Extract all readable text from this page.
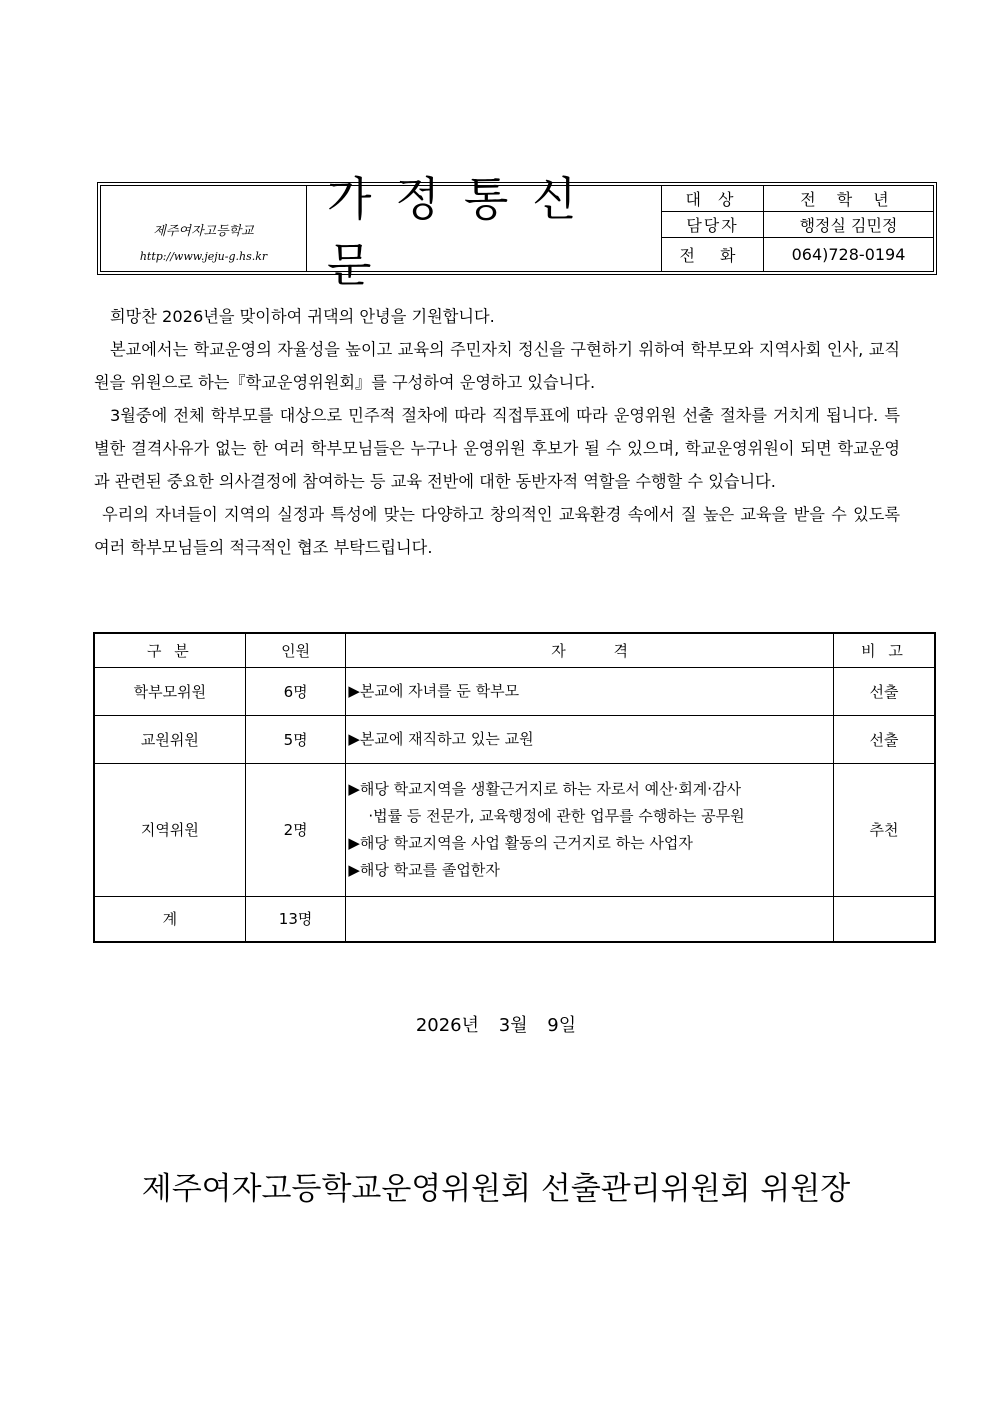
제주여자고등학교
http://www.jeju-g.hs.kr
가정통신문
대 상	전 학 년
담당자	행정실 김민정
전 화	064)728-0194

희망찬 2026년을 맞이하여 귀댁의 안녕을 기원합니다.

본교에서는 학교운영의 자율성을 높이고 교육의 주민자치 정신을 구현하기 위하여 학부모와 지역사회 인사, 교직원을 위원으로 하는『학교운영위원회』를 구성하여 운영하고 있습니다.

3월중에 전체 학부모를 대상으로 민주적 절차에 따라 직접투표에 따라 운영위원 선출 절차를 거치게 됩니다. 특별한 결격사유가 없는 한 여러 학부모님들은 누구나 운영위원 후보가 될 수 있으며, 학교운영위원이 되면 학교운영과 관련된 중요한 의사결정에 참여하는 등 교육 전반에 대한 동반자적 역할을 수행할 수 있습니다.

우리의 자녀들이 지역의 실정과 특성에 맞는 다양하고 창의적인 교육환경 속에서 질 높은 교육을 받을 수 있도록 여러 학부모님들의 적극적인 협조 부탁드립니다.

구 분	인원	자          격	비 고
학부모위원	6명	▶본교에 자녀를 둔 학부모	선출
교원위원	5명	▶본교에 재직하고 있는 교원	선출
지역위원	2명	▶해당 학교지역을 생활근거지로 하는 자로서 예산·회계·감사
·법률 등 전문가, 교육행정에 관한 업무를 수행하는 공무원
▶해당 학교지역을 사업 활동의 근거지로 하는 사업자
▶해당 학교를 졸업한자	추천
계	13명		
2026년 3월 9일
제주여자고등학교운영위원회 선출관리위원회 위원장
